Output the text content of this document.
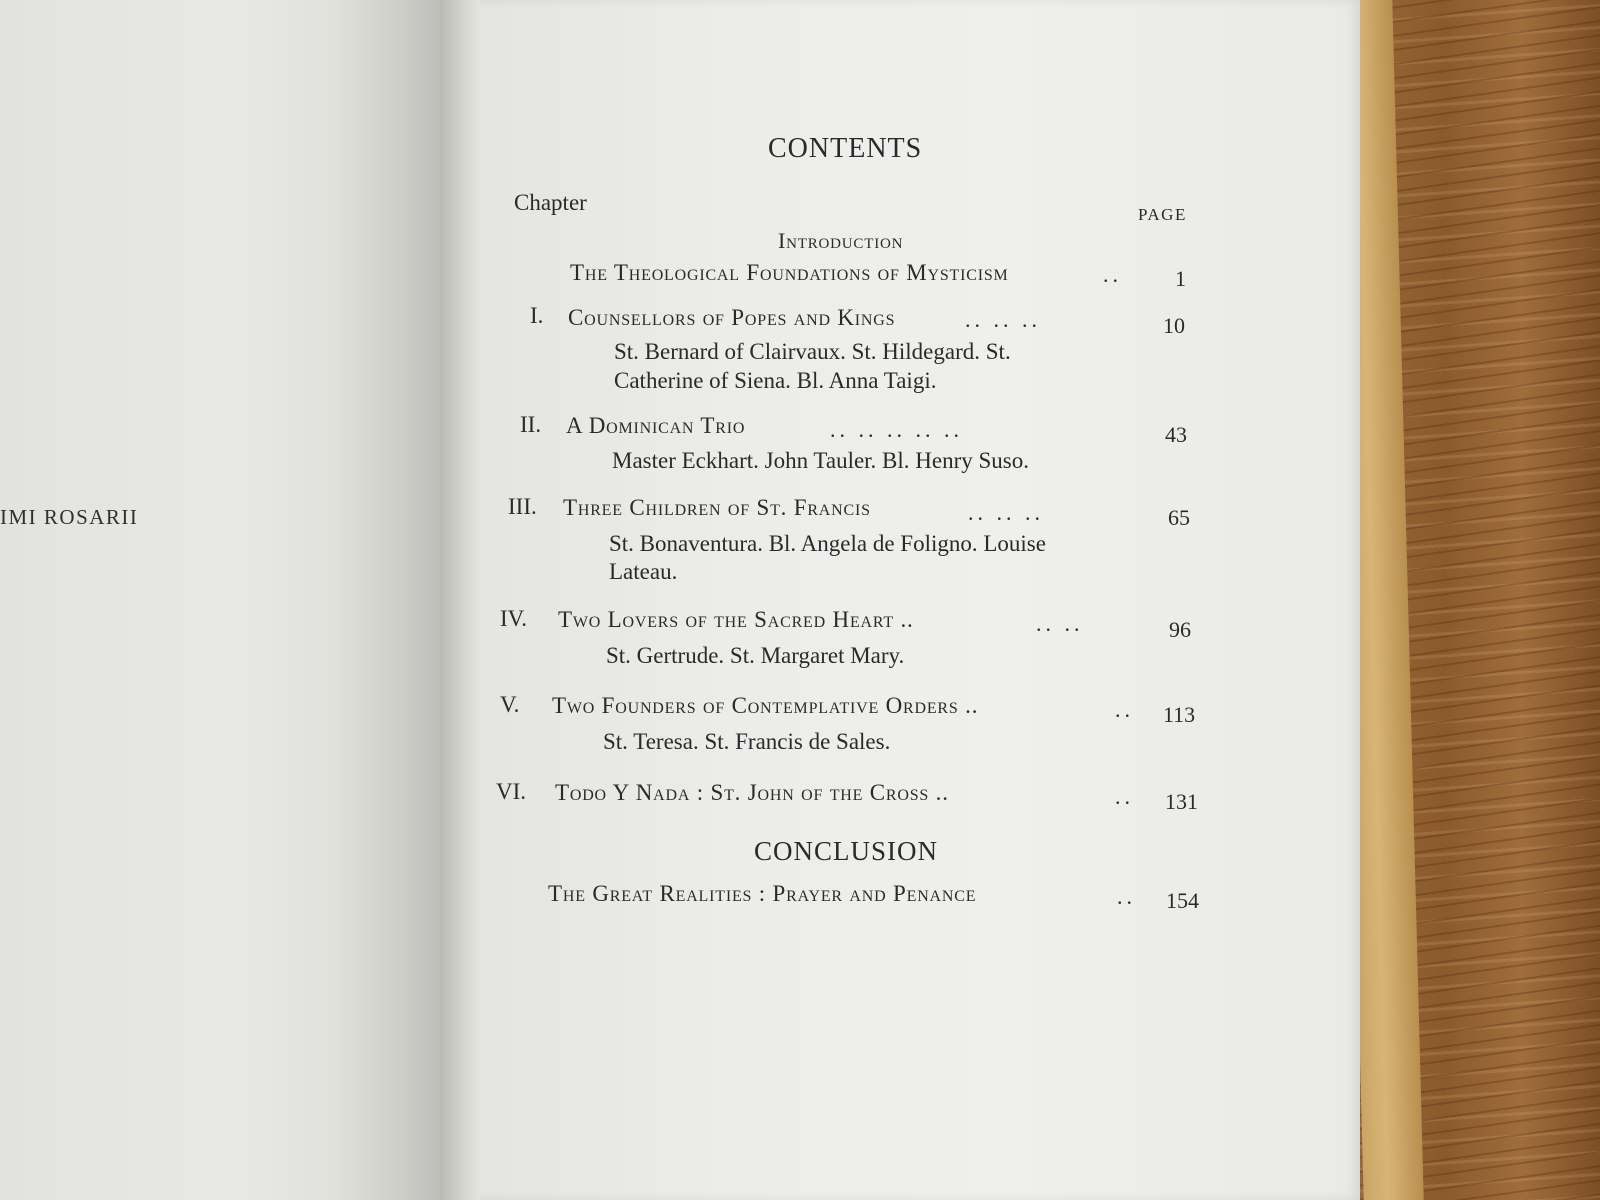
IMI ROSARII
CONTENTS
Chapter	PAGE
Introduction
The Theological Foundations of Mysticism	.. 1
I. Counsellors of Popes and Kings	.. .. ..	10
St. Bernard of Clairvaux. St. Hildegard. St.
Catherine of Siena. Bl. Anna Taigi.
II. A Dominican Trio	.. .. .. .. ..	43
Master Eckhart. John Tauler. Bl. Henry Suso.
III. Three Children of St. Francis	.. .. ..	65
St. Bonaventura. Bl. Angela de Foligno. Louise
Lateau.
IV. Two Lovers of the Sacred Heart ..	.. ..	96
St. Gertrude. St. Margaret Mary.
V. Two Founders of Contemplative Orders ..	.. 113
St. Teresa. St. Francis de Sales.
VI. Todo Y Nada : St. John of the Cross ..	.. 131
CONCLUSION
The Great Realities : Prayer and Penance	.. 154
